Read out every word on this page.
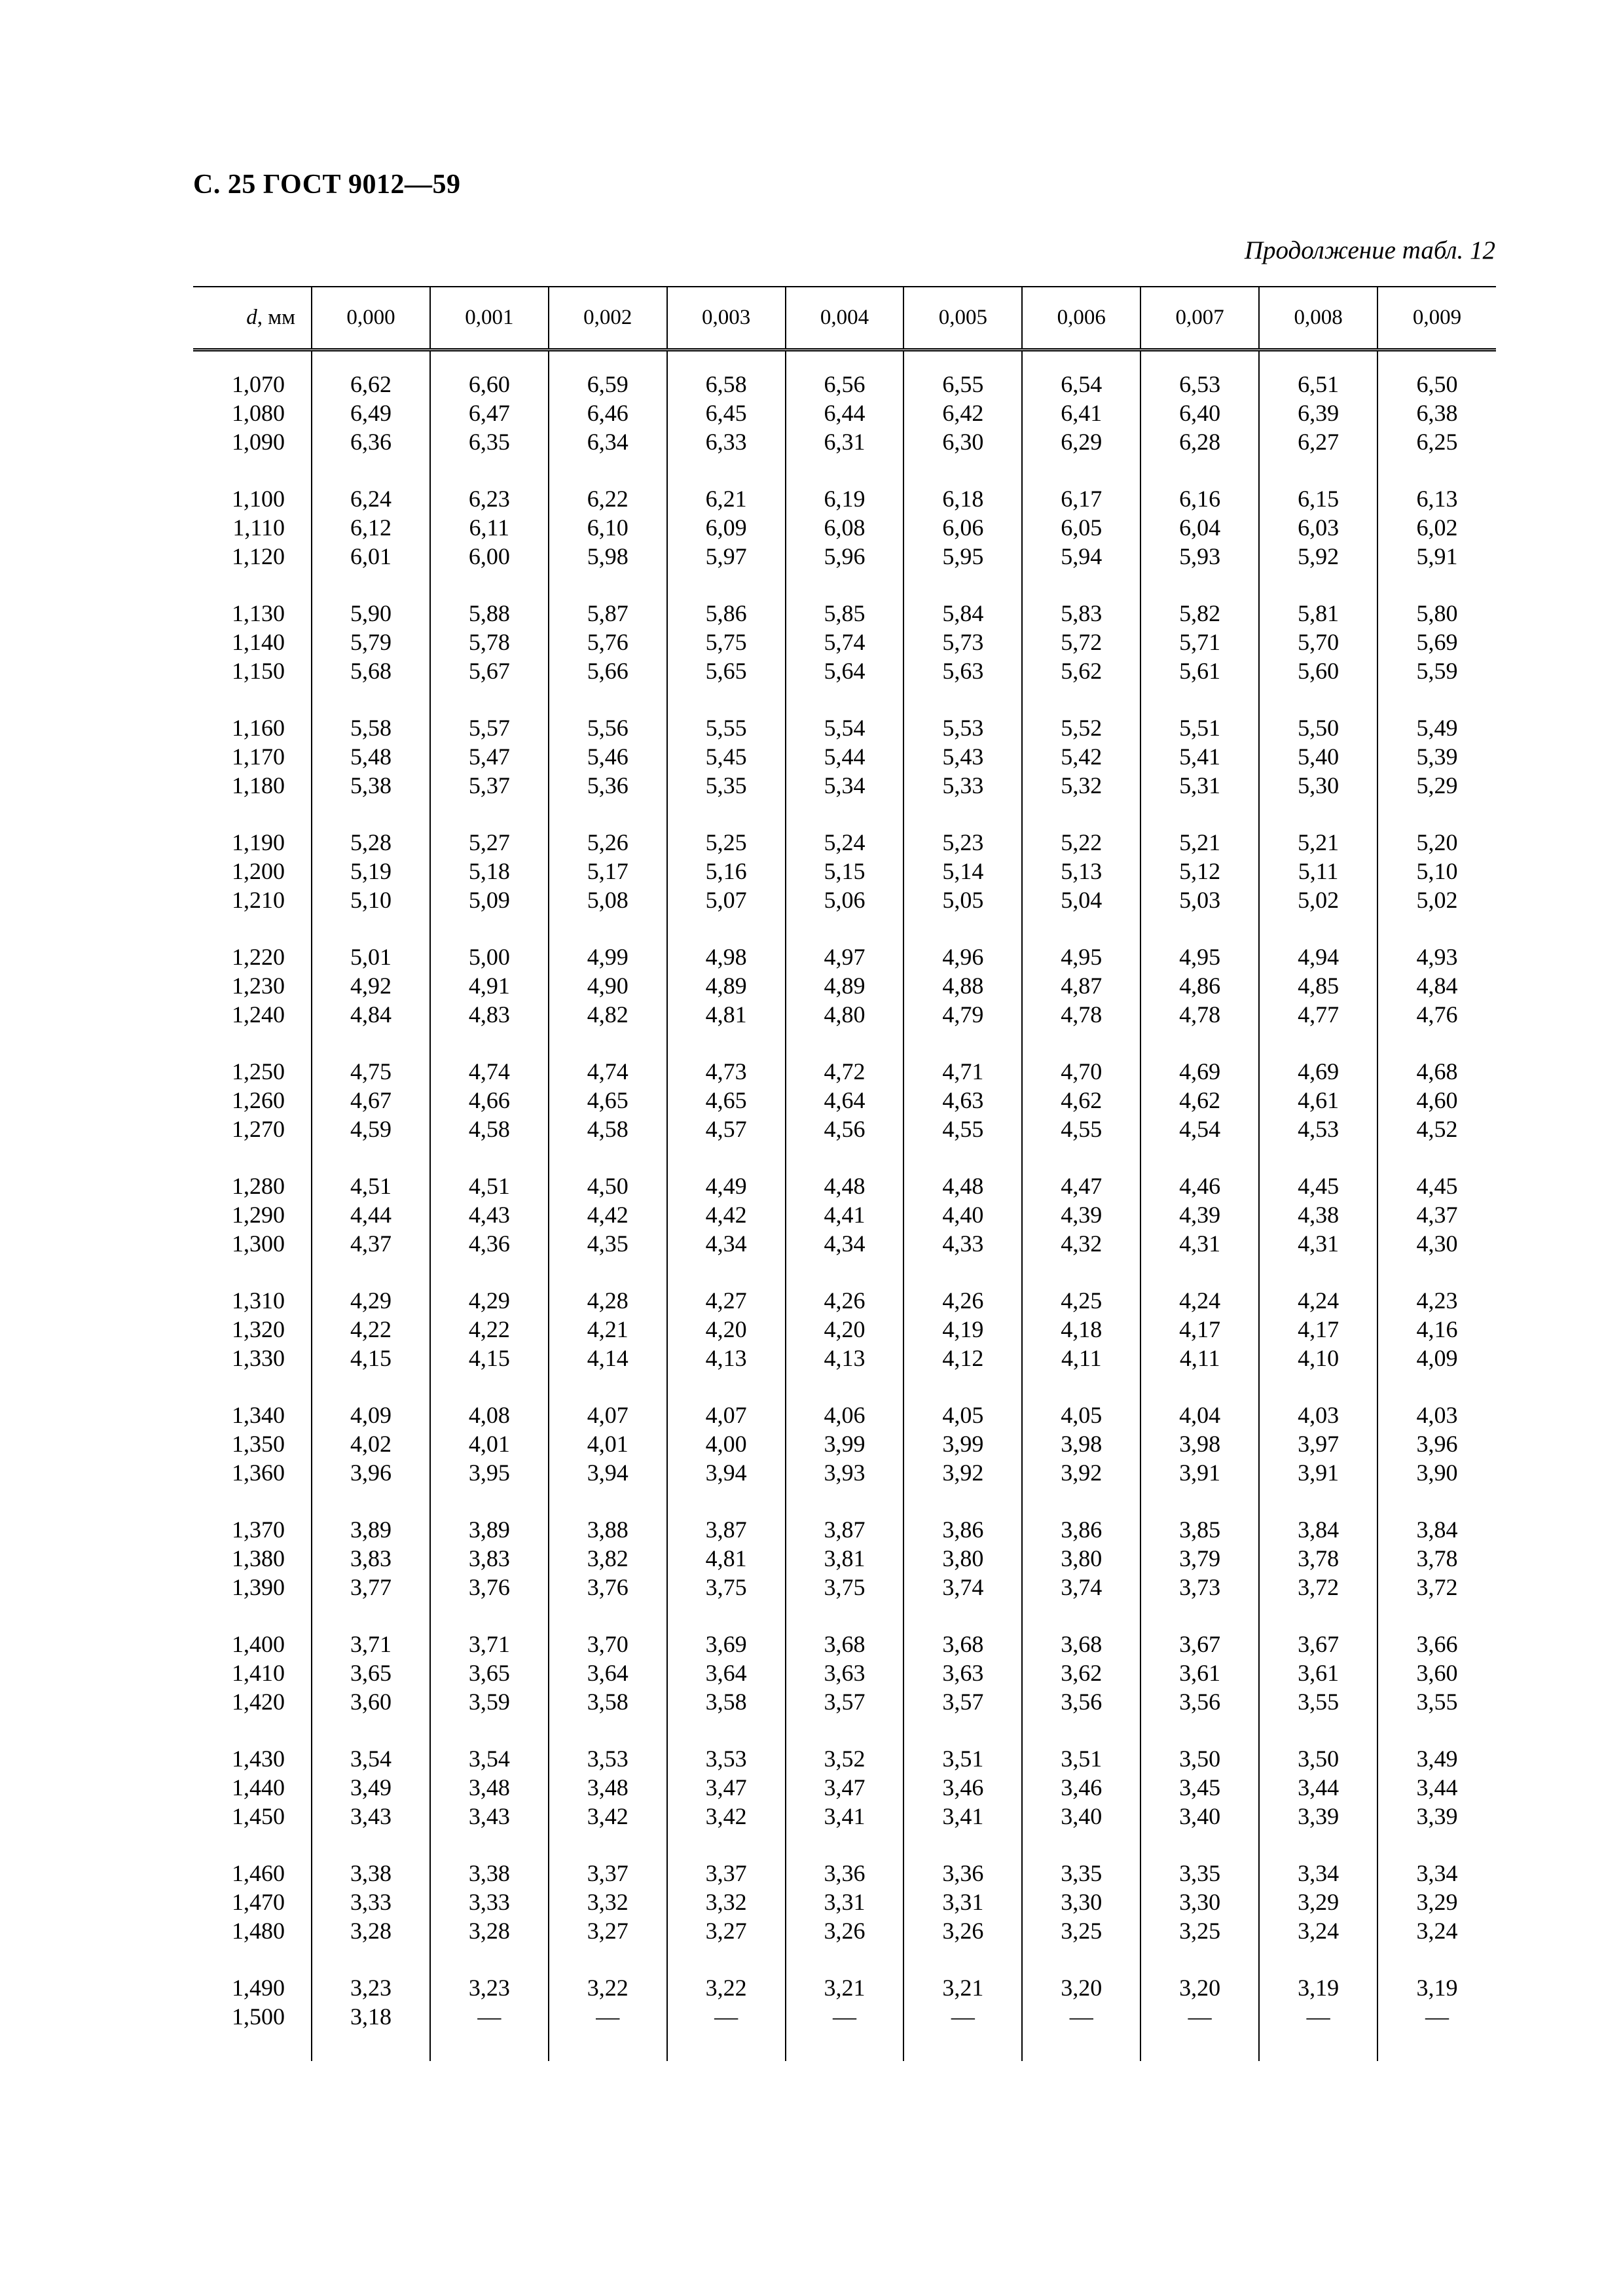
С. 25 ГОСТ 9012—59
Продолжение табл. 12
d, мм	0,000	0,001	0,002	0,003	0,004	0,005	0,006	0,007	0,008	0,009

1,070	6,62	6,60	6,59	6,58	6,56	6,55	6,54	6,53	6,51	6,50
1,080	6,49	6,47	6,46	6,45	6,44	6,42	6,41	6,40	6,39	6,38
1,090	6,36	6,35	6,34	6,33	6,31	6,30	6,29	6,28	6,27	6,25

1,100	6,24	6,23	6,22	6,21	6,19	6,18	6,17	6,16	6,15	6,13
1,110	6,12	6,11	6,10	6,09	6,08	6,06	6,05	6,04	6,03	6,02
1,120	6,01	6,00	5,98	5,97	5,96	5,95	5,94	5,93	5,92	5,91

1,130	5,90	5,88	5,87	5,86	5,85	5,84	5,83	5,82	5,81	5,80
1,140	5,79	5,78	5,76	5,75	5,74	5,73	5,72	5,71	5,70	5,69
1,150	5,68	5,67	5,66	5,65	5,64	5,63	5,62	5,61	5,60	5,59

1,160	5,58	5,57	5,56	5,55	5,54	5,53	5,52	5,51	5,50	5,49
1,170	5,48	5,47	5,46	5,45	5,44	5,43	5,42	5,41	5,40	5,39
1,180	5,38	5,37	5,36	5,35	5,34	5,33	5,32	5,31	5,30	5,29

1,190	5,28	5,27	5,26	5,25	5,24	5,23	5,22	5,21	5,21	5,20
1,200	5,19	5,18	5,17	5,16	5,15	5,14	5,13	5,12	5,11	5,10
1,210	5,10	5,09	5,08	5,07	5,06	5,05	5,04	5,03	5,02	5,02

1,220	5,01	5,00	4,99	4,98	4,97	4,96	4,95	4,95	4,94	4,93
1,230	4,92	4,91	4,90	4,89	4,89	4,88	4,87	4,86	4,85	4,84
1,240	4,84	4,83	4,82	4,81	4,80	4,79	4,78	4,78	4,77	4,76

1,250	4,75	4,74	4,74	4,73	4,72	4,71	4,70	4,69	4,69	4,68
1,260	4,67	4,66	4,65	4,65	4,64	4,63	4,62	4,62	4,61	4,60
1,270	4,59	4,58	4,58	4,57	4,56	4,55	4,55	4,54	4,53	4,52

1,280	4,51	4,51	4,50	4,49	4,48	4,48	4,47	4,46	4,45	4,45
1,290	4,44	4,43	4,42	4,42	4,41	4,40	4,39	4,39	4,38	4,37
1,300	4,37	4,36	4,35	4,34	4,34	4,33	4,32	4,31	4,31	4,30

1,310	4,29	4,29	4,28	4,27	4,26	4,26	4,25	4,24	4,24	4,23
1,320	4,22	4,22	4,21	4,20	4,20	4,19	4,18	4,17	4,17	4,16
1,330	4,15	4,15	4,14	4,13	4,13	4,12	4,11	4,11	4,10	4,09

1,340	4,09	4,08	4,07	4,07	4,06	4,05	4,05	4,04	4,03	4,03
1,350	4,02	4,01	4,01	4,00	3,99	3,99	3,98	3,98	3,97	3,96
1,360	3,96	3,95	3,94	3,94	3,93	3,92	3,92	3,91	3,91	3,90

1,370	3,89	3,89	3,88	3,87	3,87	3,86	3,86	3,85	3,84	3,84
1,380	3,83	3,83	3,82	4,81	3,81	3,80	3,80	3,79	3,78	3,78
1,390	3,77	3,76	3,76	3,75	3,75	3,74	3,74	3,73	3,72	3,72

1,400	3,71	3,71	3,70	3,69	3,68	3,68	3,68	3,67	3,67	3,66
1,410	3,65	3,65	3,64	3,64	3,63	3,63	3,62	3,61	3,61	3,60
1,420	3,60	3,59	3,58	3,58	3,57	3,57	3,56	3,56	3,55	3,55

1,430	3,54	3,54	3,53	3,53	3,52	3,51	3,51	3,50	3,50	3,49
1,440	3,49	3,48	3,48	3,47	3,47	3,46	3,46	3,45	3,44	3,44
1,450	3,43	3,43	3,42	3,42	3,41	3,41	3,40	3,40	3,39	3,39

1,460	3,38	3,38	3,37	3,37	3,36	3,36	3,35	3,35	3,34	3,34
1,470	3,33	3,33	3,32	3,32	3,31	3,31	3,30	3,30	3,29	3,29
1,480	3,28	3,28	3,27	3,27	3,26	3,26	3,25	3,25	3,24	3,24

1,490	3,23	3,23	3,22	3,22	3,21	3,21	3,20	3,20	3,19	3,19
1,500	3,18	—	—	—	—	—	—	—	—	—
